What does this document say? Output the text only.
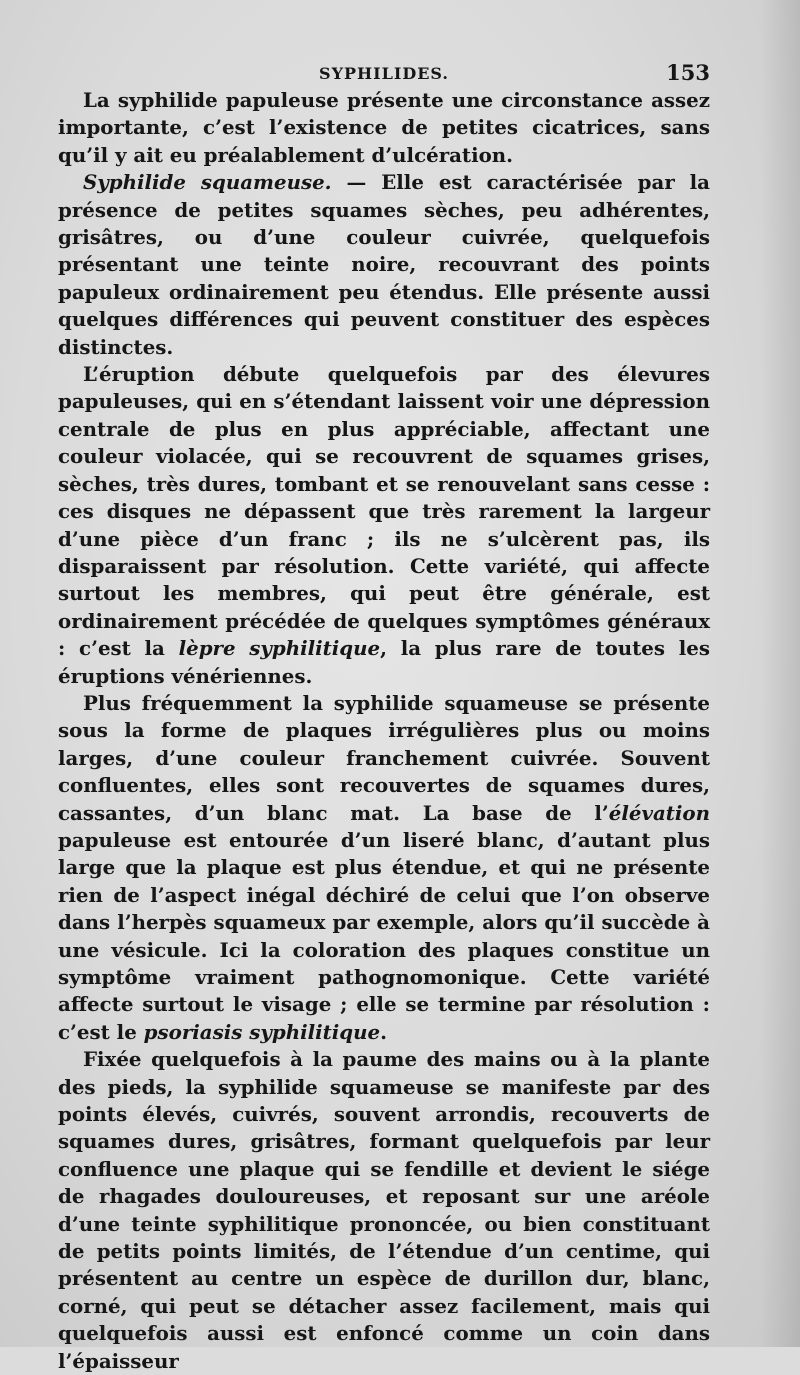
SYPHILIDES.	153

La syphilide papuleuse présente une circonstance assez importante, c’est l’existence de petites cicatrices, sans qu’il y ait eu préalablement d’ulcération.

Syphilide squameuse. — Elle est caractérisée par la présence de petites squames sèches, peu adhérentes, grisâtres, ou d’une couleur cuivrée, quelquefois présentant une teinte noire, recouvrant des points papuleux ordinairement peu étendus. Elle présente aussi quelques différences qui peuvent constituer des espèces distinctes.

L’éruption débute quelquefois par des élevures papuleuses, qui en s’étendant laissent voir une dépression centrale de plus en plus appréciable, affectant une couleur violacée, qui se recouvrent de squames grises, sèches, très dures, tombant et se renouvelant sans cesse : ces disques ne dépassent que très rarement la largeur d’une pièce d’un franc ; ils ne s’ulcèrent pas, ils disparaissent par résolution. Cette variété, qui affecte surtout les membres, qui peut être générale, est ordinairement précédée de quelques symptômes généraux : c’est la lèpre syphilitique, la plus rare de toutes les éruptions vénériennes.

Plus fréquemment la syphilide squameuse se présente sous la forme de plaques irrégulières plus ou moins larges, d’une couleur franchement cuivrée. Souvent confluentes, elles sont recouvertes de squames dures, cassantes, d’un blanc mat. La base de l’élévation papuleuse est entourée d’un liseré blanc, d’autant plus large que la plaque est plus étendue, et qui ne présente rien de l’aspect inégal déchiré de celui que l’on observe dans l’herpès squameux par exemple, alors qu’il succède à une vésicule. Ici la coloration des plaques constitue un symptôme vraiment pathognomonique. Cette variété affecte surtout le visage ; elle se termine par résolution : c’est le psoriasis syphilitique.

Fixée quelquefois à la paume des mains ou à la plante des pieds, la syphilide squameuse se manifeste par des points élevés, cuivrés, souvent arrondis, recouverts de squames dures, grisâtres, formant quelquefois par leur confluence une plaque qui se fendille et devient le siége de rhagades douloureuses, et reposant sur une aréole d’une teinte syphilitique prononcée, ou bien constituant de petits points limités, de l’étendue d’un centime, qui présentent au centre un espèce de durillon dur, blanc, corné, qui peut se détacher assez facilement, mais qui quelquefois aussi est enfoncé comme un coin dans l’épaisseur
